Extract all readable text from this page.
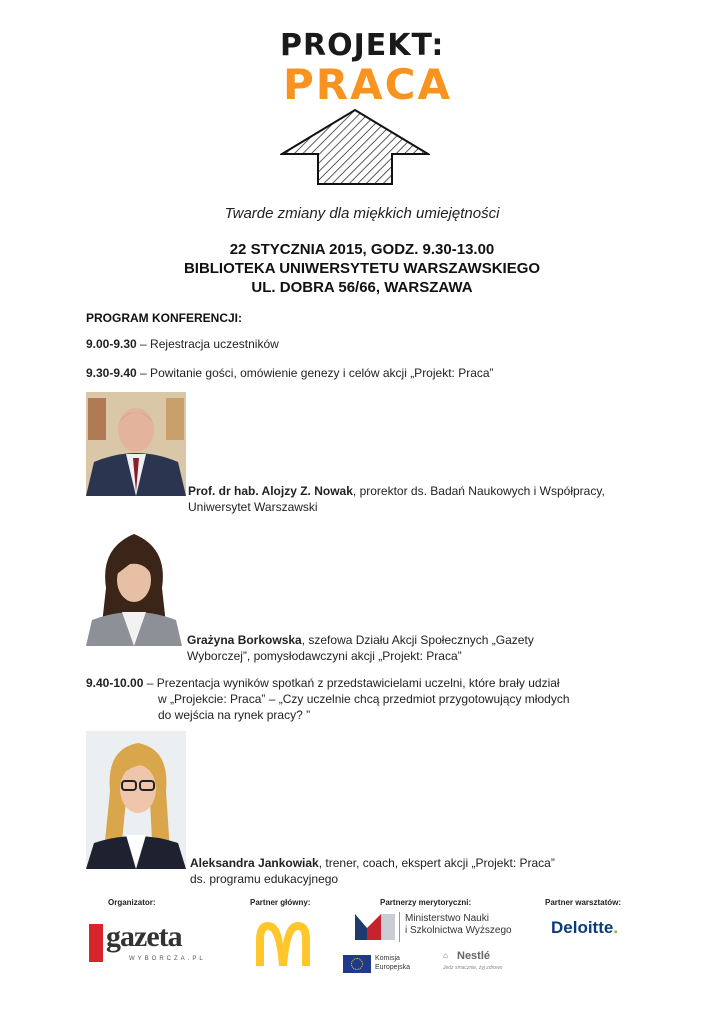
PROJEKT:
PRACA
Twarde zmiany dla miękkich umiejętności
22 STYCZNIA 2015, GODZ. 9.30-13.00
BIBLIOTEKA UNIWERSYTETU WARSZAWSKIEGO
UL. DOBRA 56/66, WARSZAWA
PROGRAM KONFERENCJI:
9.00-9.30 – Rejestracja uczestników
9.30-9.40 – Powitanie gości, omówienie genezy i celów akcji „Projekt: Praca”
Prof. dr hab. Alojzy Z. Nowak, prorektor ds. Badań Naukowych i Współpracy,
Uniwersytet Warszawski
Grażyna Borkowska, szefowa Działu Akcji Społecznych „Gazety
Wyborczej”, pomysłodawczyni akcji „Projekt: Praca”
9.40-10.00 – Prezentacja wyników spotkań z przedstawicielami uczelni, które brały udział
w „Projekcie: Praca” – „Czy uczelnie chcą przedmiot przygotowujący młodych
do wejścia na rynek pracy? ”
Aleksandra Jankowiak, trener, coach, ekspert akcji „Projekt: Praca”
ds. programu edukacyjnego
Organizator:	Partner główny:	Partnerzy merytoryczni:	Partner warsztatów:
gazeta
WYBORCZA.PL
Ministerstwo Nauki
i Szkolnictwa Wyższego Deloitte.
Komisja
Europejska
⌂ Nestlé
Jedz smacznie, żyj zdrowo
